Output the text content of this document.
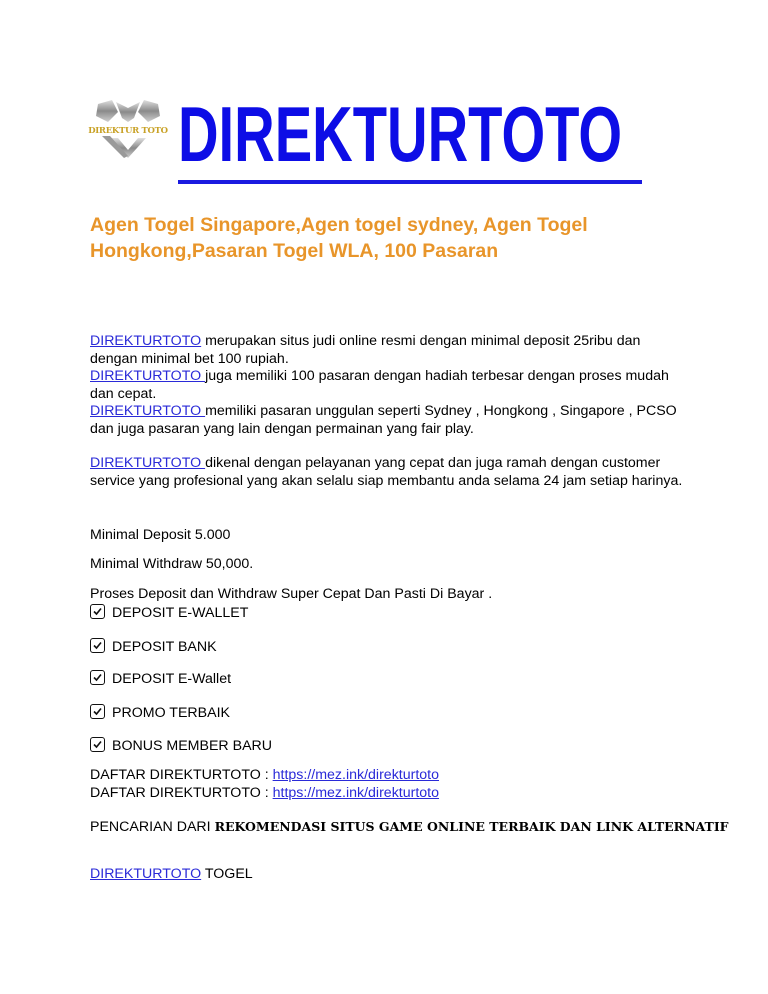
DIREKTUR TOTO DIREKTURTOTO
Agen Togel Singapore,Agen togel sydney, Agen Togel
Hongkong,Pasaran Togel WLA, 100 Pasaran
DIREKTURTOTO merupakan situs judi online resmi dengan minimal deposit 25ribu dan dengan minimal bet 100 rupiah.
DIREKTURTOTO juga memiliki 100 pasaran dengan hadiah terbesar dengan proses mudah dan cepat.
DIREKTURTOTO memiliki pasaran unggulan seperti Sydney , Hongkong , Singapore , PCSO dan juga pasaran yang lain dengan permainan yang fair play.
DIREKTURTOTO dikenal dengan pelayanan yang cepat dan juga ramah dengan customer service yang profesional yang akan selalu siap membantu anda selama 24 jam setiap harinya.
Minimal Deposit 5.000
Minimal Withdraw 50,000.
Proses Deposit dan Withdraw Super Cepat Dan Pasti Di Bayar .
DEPOSIT E-WALLET
DEPOSIT BANK
DEPOSIT E-Wallet
PROMO TERBAIK
BONUS MEMBER BARU
DAFTAR DIREKTURTOTO : https://mez.ink/direkturtoto
DAFTAR DIREKTURTOTO : https://mez.ink/direkturtoto
PENCARIAN DARI REKOMENDASI SITUS GAME ONLINE TERBAIK DAN LINK ALTERNATIF
DIREKTURTOTO TOGEL
